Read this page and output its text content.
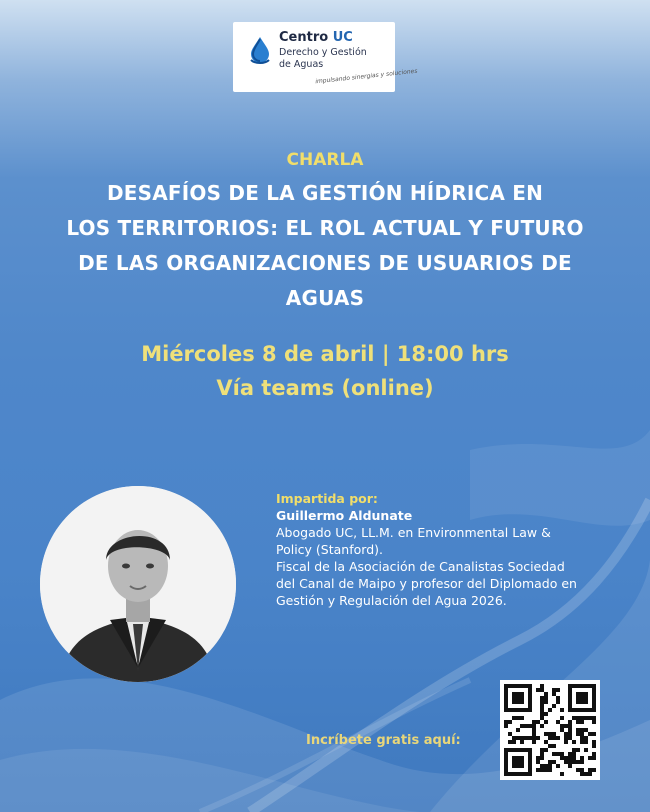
Centro UC
Derecho y Gestión
de Aguas
impulsando sinergias y soluciones
CHARLA
DESAFÍOS DE LA GESTIÓN HÍDRICA EN
LOS TERRITORIOS: EL ROL ACTUAL Y FUTURO
DE LAS ORGANIZACIONES DE USUARIOS DE
AGUAS
Miércoles 8 de abril | 18:00 hrs
Vía teams (online)
Impartida por:
Guillermo Aldunate
Abogado UC, LL.M. en Environmental Law &
Policy (Stanford).
Fiscal de la Asociación de Canalistas Sociedad
del Canal de Maipo y profesor del Diplomado en
Gestión y Regulación del Agua 2026.
Incríbete gratis aquí:
